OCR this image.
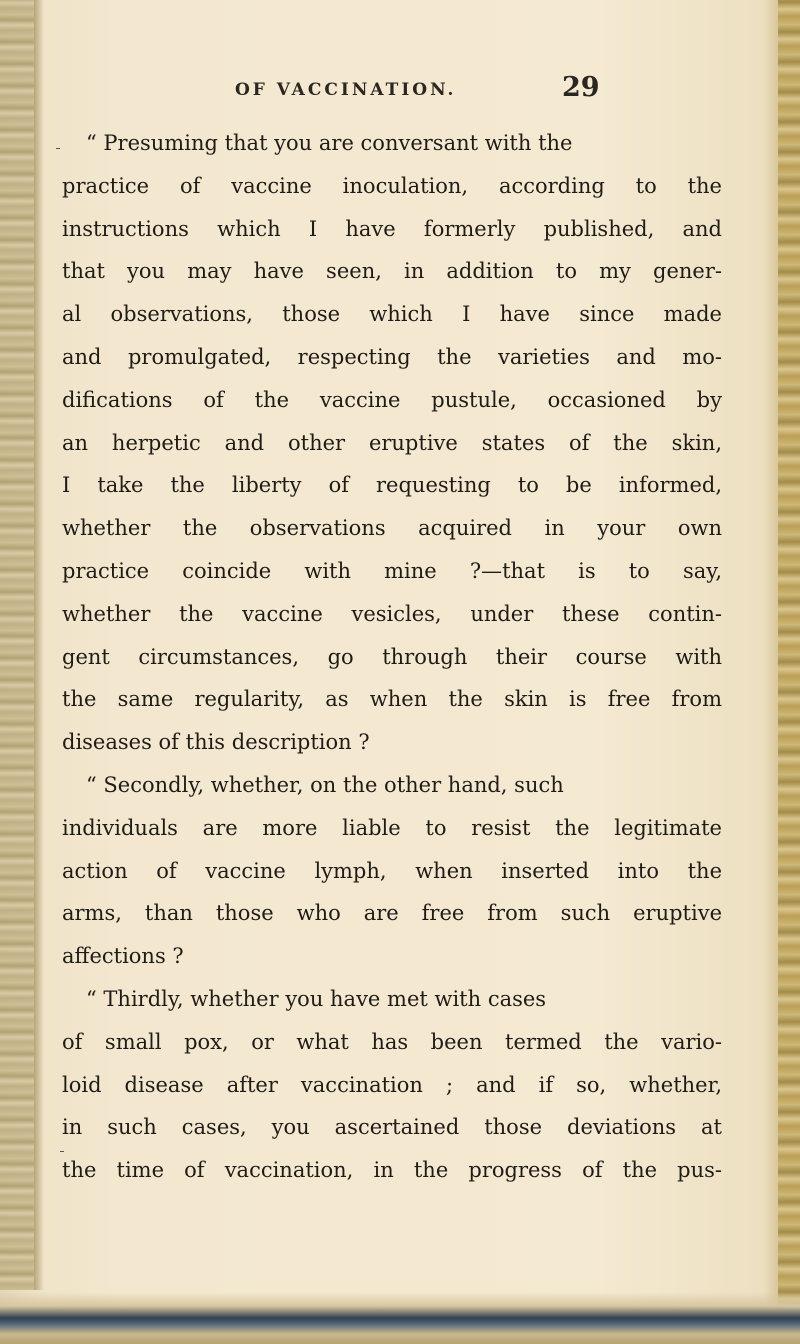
OF VACCINATION.	29
“ Presuming that you are conversant with the
practice of vaccine inoculation, according to the
instructions which I have formerly published, and
that you may have seen, in addition to my gener-
al observations, those which I have since made
and promulgated, respecting the varieties and mo-
difications of the vaccine pustule, occasioned by
an herpetic and other eruptive states of the skin,
I take the liberty of requesting to be informed,
whether the observations acquired in your own
practice coincide with mine ?—that is to say,
whether the vaccine vesicles, under these contin-
gent circumstances, go through their course with
the same regularity, as when the skin is free from
diseases of this description ?
“ Secondly, whether, on the other hand, such
individuals are more liable to resist the legitimate
action of vaccine lymph, when inserted into the
arms, than those who are free from such eruptive
affections ?
“ Thirdly, whether you have met with cases
of small pox, or what has been termed the vario-
loid disease after vaccination ; and if so, whether,
in such cases, you ascertained those deviations at
the time of vaccination, in the progress of the pus-
